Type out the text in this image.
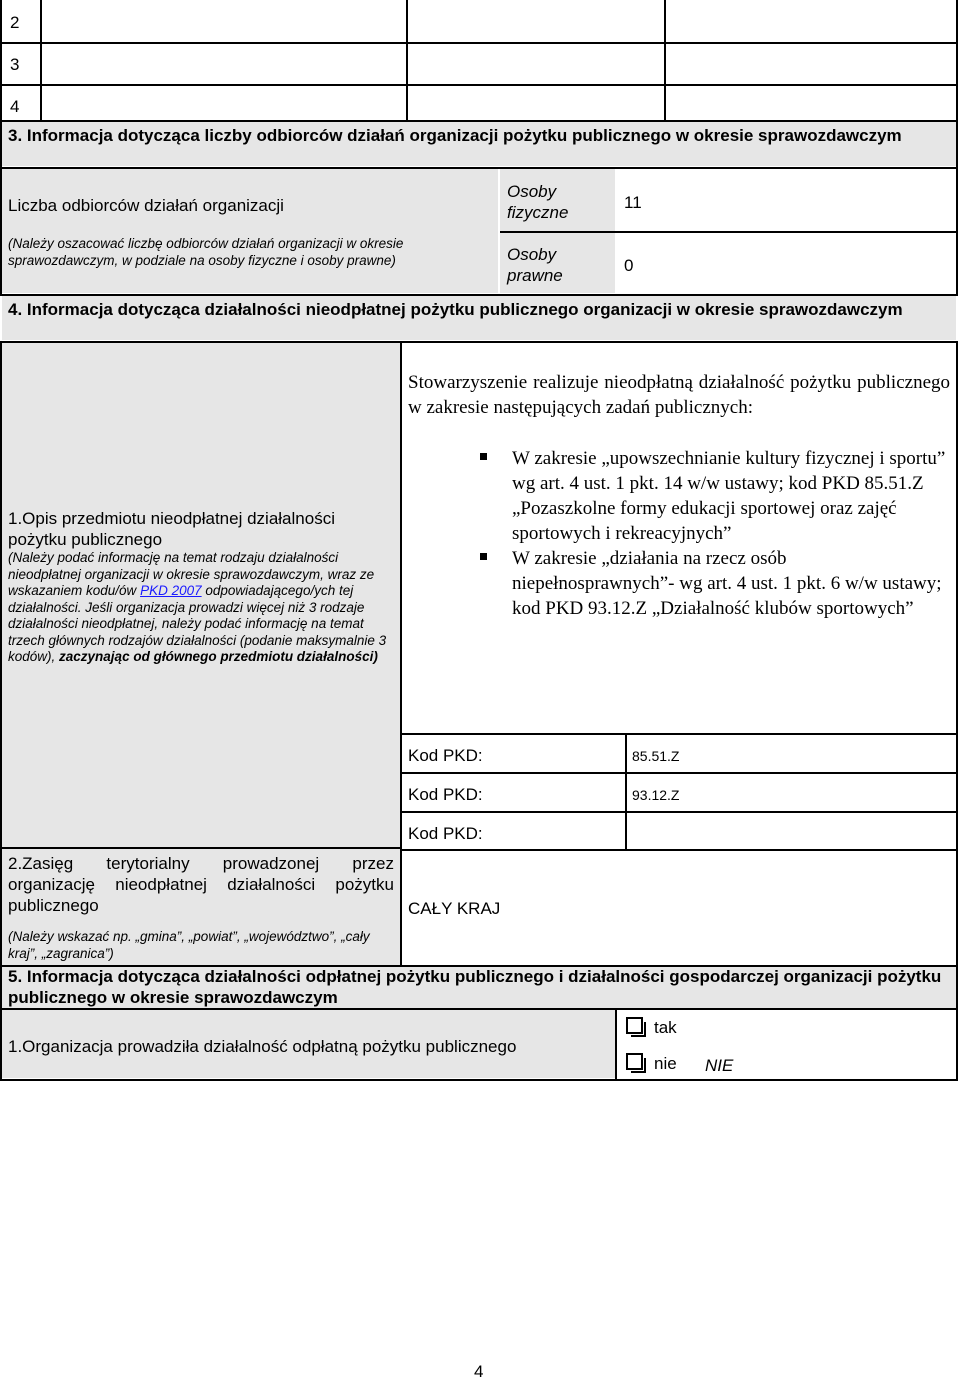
2
3
4
3. Informacja dotycząca liczby odbiorców działań organizacji pożytku publicznego w okresie sprawozdawczym
Liczba odbiorców działań organizacji
(Należy oszacować liczbę odbiorców działań organizacji w okresie sprawozdawczym, w podziale na osoby fizyczne i osoby prawne)
Osoby fizyczne
11
Osoby prawne
0
4. Informacja dotycząca działalności nieodpłatnej pożytku publicznego organizacji w okresie sprawozdawczym
1.Opis przedmiotu nieodpłatnej działalności pożytku publicznego
(Należy podać informację na temat rodzaju działalności nieodpłatnej organizacji w okresie sprawozdawczym, wraz ze wskazaniem kodu/ów PKD 2007 odpowiadającego/ych tej działalności. Jeśli organizacja prowadzi więcej niż 3 rodzaje działalności nieodpłatnej, należy podać informację na temat trzech głównych rodzajów działalności (podanie maksymalnie 3 kodów), zaczynając od głównego przedmiotu działalności)
Stowarzyszenie realizuje nieodpłatną działalność pożytku publicznego w zakresie następujących zadań publicznych:
W zakresie „upowszechnianie kultury fizycznej i sportu” wg art. 4 ust. 1 pkt. 14 w/w ustawy; kod PKD 85.51.Z „Pozaszkolne formy edukacji sportowej oraz zajęć sportowych i rekreacyjnych”
W zakresie „działania na rzecz osób niepełnosprawnych”- wg art. 4 ust. 1 pkt. 6 w/w ustawy; kod PKD 93.12.Z „Działalność klubów sportowych”
Kod PKD:	85.51.Z
Kod PKD:	93.12.Z
Kod PKD:
2.Zasięg terytorialny prowadzonej przez organizację nieodpłatnej działalności pożytku publicznego
(Należy wskazać np. „gmina”, „powiat”, „województwo”, „cały kraj”, „zagranica”)
CAŁY KRAJ
5. Informacja dotycząca działalności odpłatnej pożytku publicznego i działalności gospodarczej organizacji pożytku publicznego w okresie sprawozdawczym
1.Organizacja prowadziła działalność odpłatną pożytku publicznego
tak
nie NIE
4
